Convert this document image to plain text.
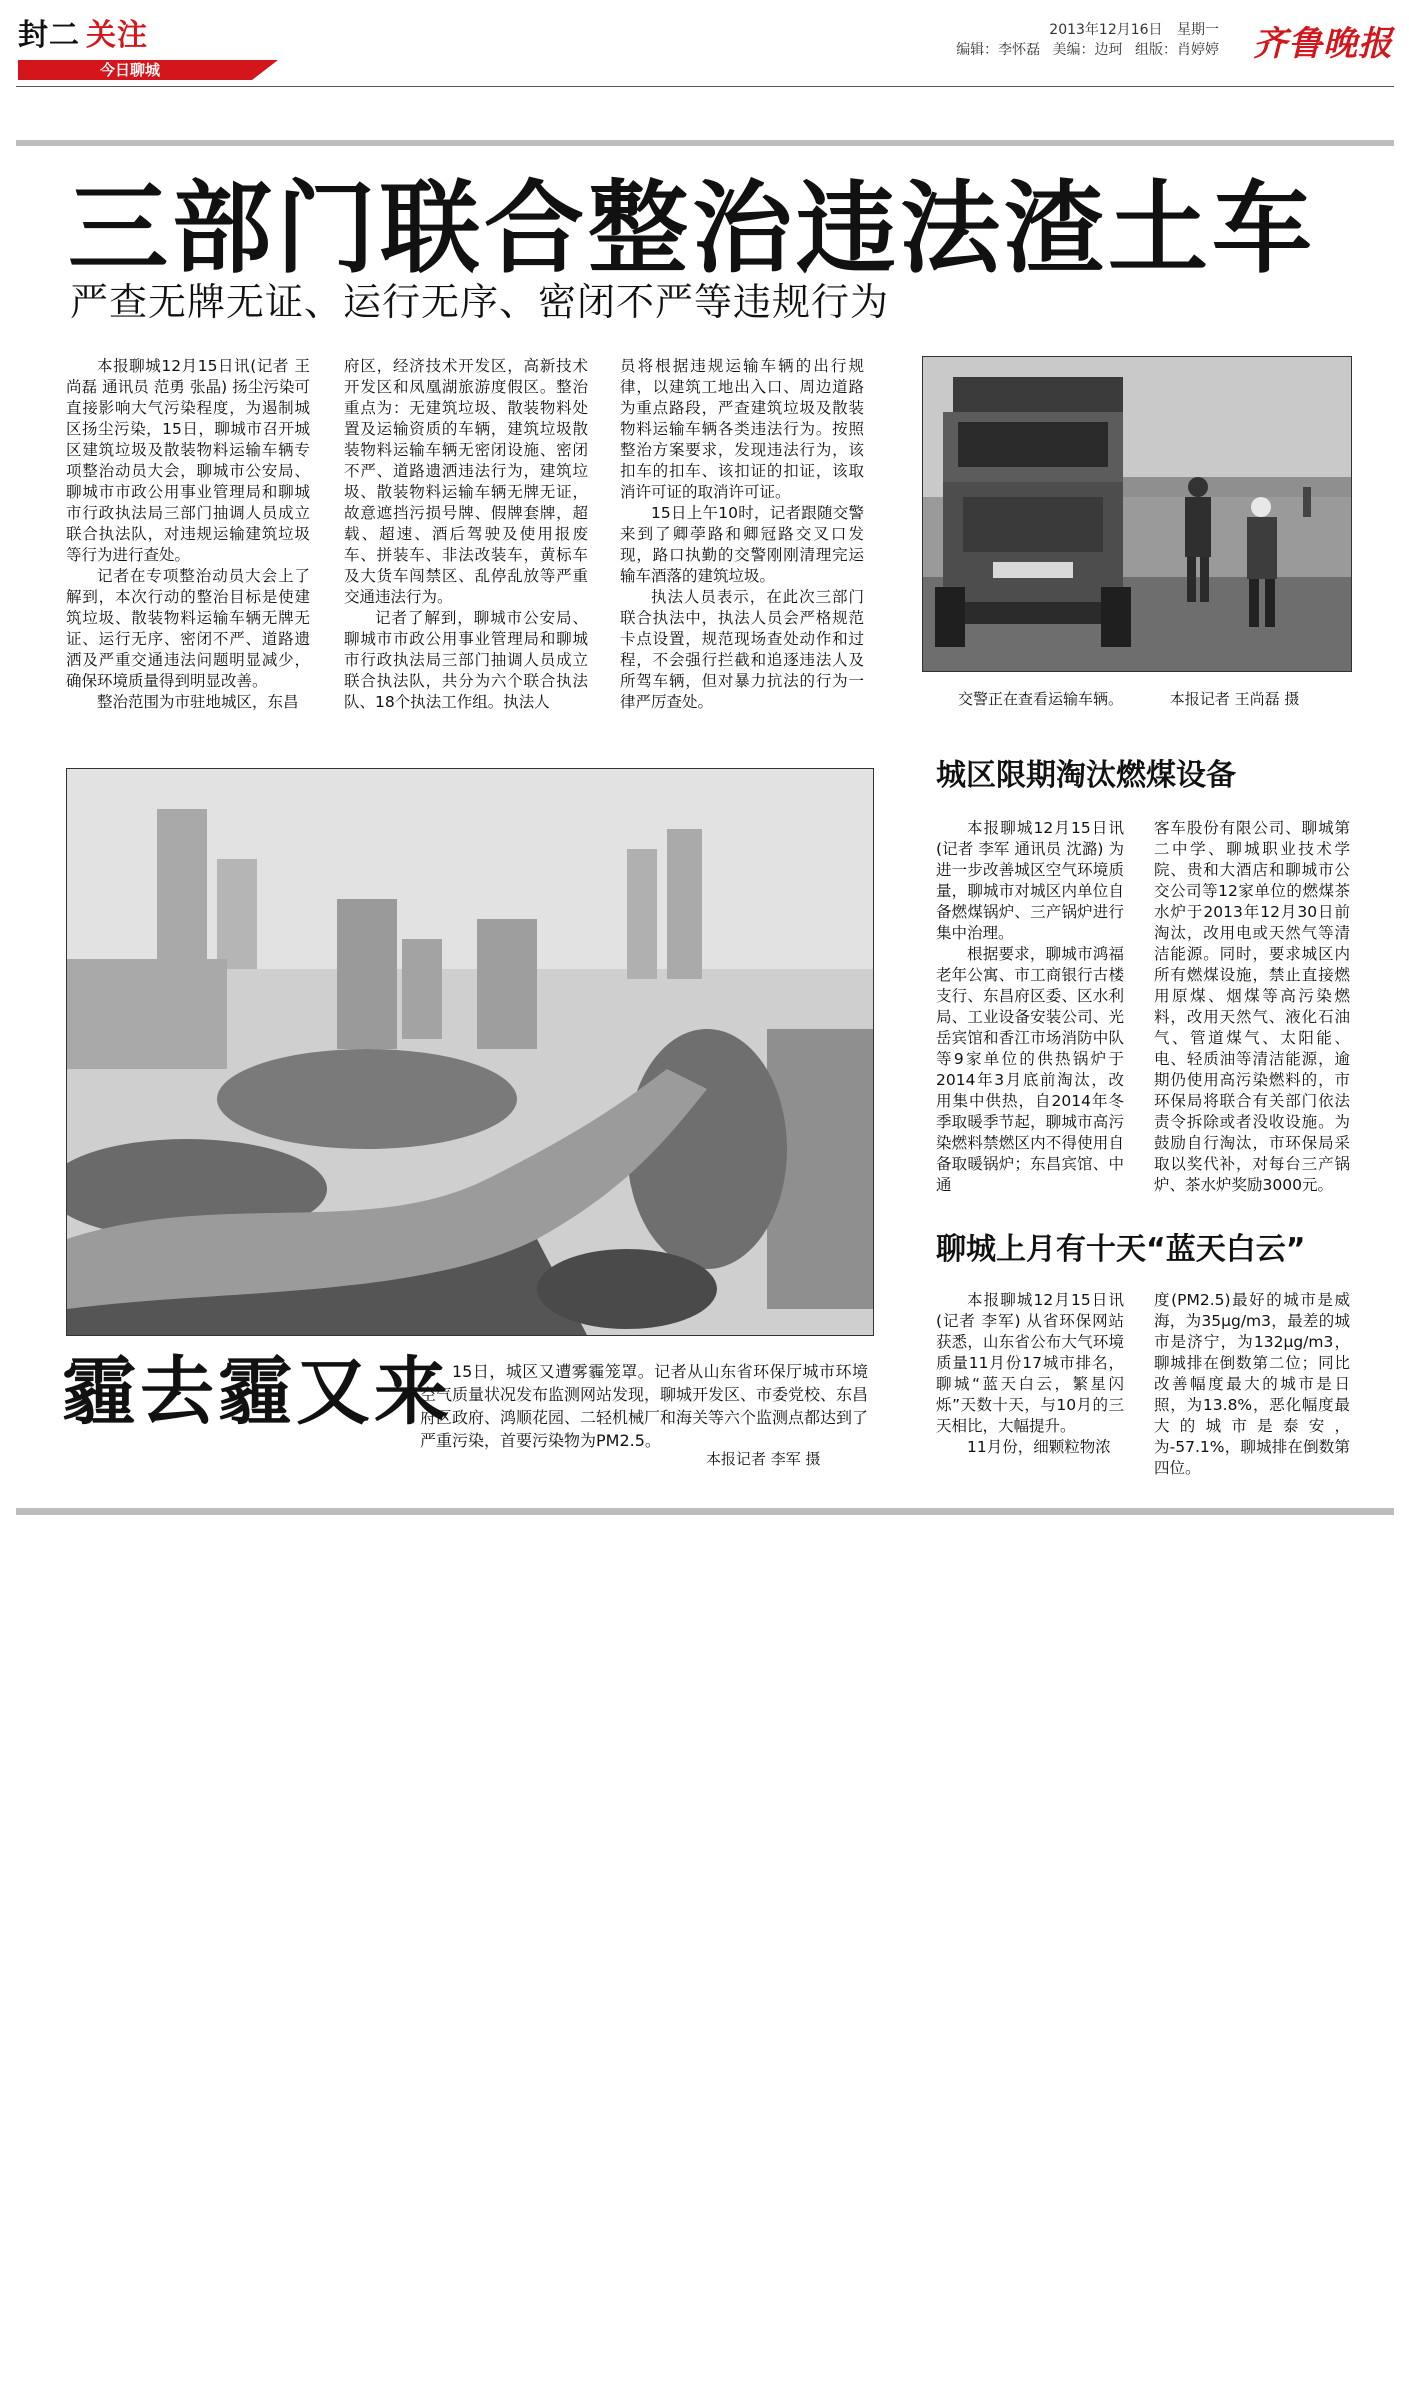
封二 关注
今日聊城
2013年12月16日 星期一
编辑：李怀磊 美编：边珂 组版：肖婷婷 齐鲁晚报
三部门联合整治违法渣土车
严查无牌无证、运行无序、密闭不严等违规行为

本报聊城12月15日讯(记者 王尚磊 通讯员 范勇 张晶) 扬尘污染可直接影响大气污染程度，为遏制城区扬尘污染，15日，聊城市召开城区建筑垃圾及散装物料运输车辆专项整治动员大会，聊城市公安局、聊城市市政公用事业管理局和聊城市行政执法局三部门抽调人员成立联合执法队，对违规运输建筑垃圾等行为进行查处。

记者在专项整治动员大会上了解到，本次行动的整治目标是使建筑垃圾、散装物料运输车辆无牌无证、运行无序、密闭不严、道路遗洒及严重交通违法问题明显减少，确保环境质量得到明显改善。

整治范围为市驻地城区，东昌

府区，经济技术开发区，高新技术开发区和凤凰湖旅游度假区。整治重点为：无建筑垃圾、散装物料处置及运输资质的车辆，建筑垃圾散装物料运输车辆无密闭设施、密闭不严、道路遗洒违法行为，建筑垃圾、散装物料运输车辆无牌无证，故意遮挡污损号牌、假牌套牌，超载、超速、酒后驾驶及使用报废车、拼装车、非法改装车，黄标车及大货车闯禁区、乱停乱放等严重交通违法行为。

记者了解到，聊城市公安局、聊城市市政公用事业管理局和聊城市行政执法局三部门抽调人员成立联合执法队，共分为六个联合执法队、18个执法工作组。执法人

员将根据违规运输车辆的出行规律，以建筑工地出入口、周边道路为重点路段，严查建筑垃圾及散装物料运输车辆各类违法行为。按照整治方案要求，发现违法行为，该扣车的扣车、该扣证的扣证，该取消许可证的取消许可证。

15日上午10时，记者跟随交警来到了卿荸路和卿冠路交叉口发现，路口执勤的交警刚刚清理完运输车酒落的建筑垃圾。

执法人员表示，在此次三部门联合执法中，执法人员会严格规范卡点设置，规范现场查处动作和过程，不会强行拦截和追逐违法人及所驾车辆，但对暴力抗法的行为一律严厉查处。	交警正在查看运输车辆。	本报记者 王尚磊 摄
霾去霾又来 15日，城区又遭雾霾笼罩。记者从山东省环保厅城市环境空气质量状况发布监测网站发现，聊城开发区、市委党校、东昌府区政府、鸿顺花园、二轻机械厂和海关等六个监测点都达到了严重污染，首要污染物为PM2.5。

本报记者 李军 摄
城区限期淘汰燃煤设备

本报聊城12月15日讯(记者 李军 通讯员 沈潞) 为进一步改善城区空气环境质量，聊城市对城区内单位自备燃煤锅炉、三产锅炉进行集中治理。

根据要求，聊城市鸿福老年公寓、市工商银行古楼支行、东昌府区委、区水利局、工业设备安装公司、光岳宾馆和香江市场消防中队等9家单位的供热锅炉于2014年3月底前淘汰，改用集中供热，自2014年冬季取暖季节起，聊城市高污染燃料禁燃区内不得使用自备取暖锅炉；东昌宾馆、中通

客车股份有限公司、聊城第二中学、聊城职业技术学院、贵和大酒店和聊城市公交公司等12家单位的燃煤茶水炉于2013年12月30日前淘汰，改用电或天然气等清洁能源。同时，要求城区内所有燃煤设施，禁止直接燃用原煤、烟煤等高污染燃料，改用天然气、液化石油气、管道煤气、太阳能、电、轻质油等清洁能源，逾期仍使用高污染燃料的，市环保局将联合有关部门依法责令拆除或者没收设施。为鼓励自行淘汰，市环保局采取以奖代补，对每台三产锅炉、茶水炉奖励3000元。

聊城上月有十天“蓝天白云”

本报聊城12月15日讯(记者 李军) 从省环保网站获悉，山东省公布大气环境质量11月份17城市排名，聊城“蓝天白云，繁星闪烁”天数十天，与10月的三天相比，大幅提升。

11月份，细颗粒物浓

度(PM2.5)最好的城市是威海，为35μg/m3，最差的城市是济宁，为132μg/m3，聊城排在倒数第二位；同比改善幅度最大的城市是日照，为13.8%，恶化幅度最大的城市是泰安，为-57.1%，聊城排在倒数第四位。
